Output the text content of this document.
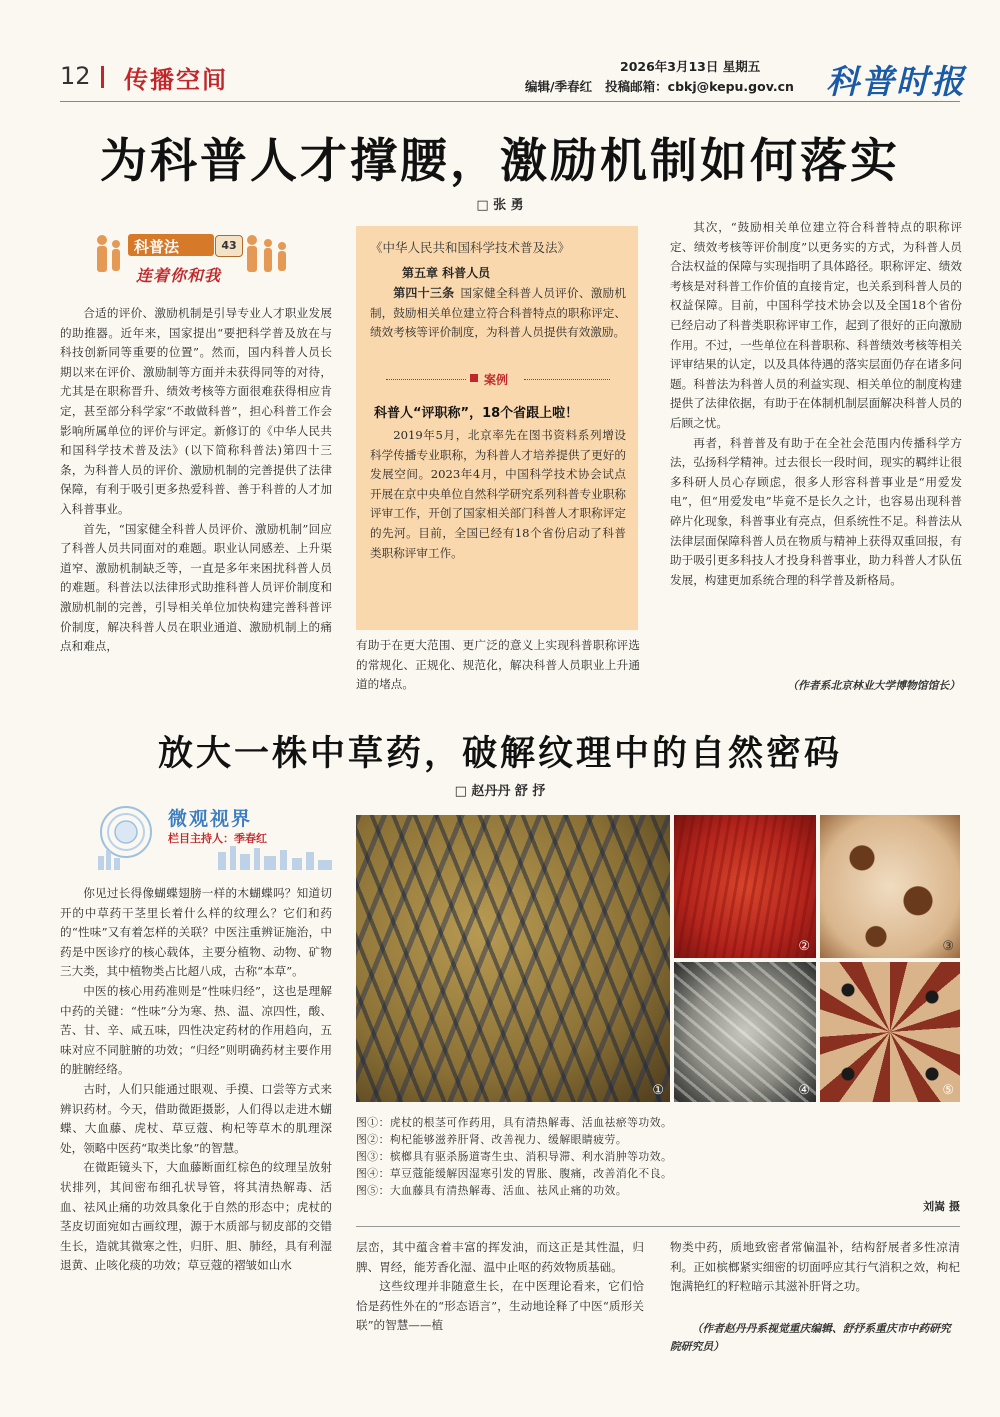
12 传播空间	2026年3月13日 星期五
编辑/季春红 投稿邮箱：cbkj@kepu.gov.cn 科普时报
为科普人才撑腰，激励机制如何落实
□ 张 勇
科普法	43
连着你和我

合适的评价、激励机制是引导专业人才职业发展的助推器。近年来，国家提出“要把科学普及放在与科技创新同等重要的位置”。然而，国内科普人员长期以来在评价、激励制等方面并未获得同等的对待，尤其是在职称晋升、绩效考核等方面很难获得相应肯定，甚至部分科学家“不敢做科普”，担心科普工作会影响所属单位的评价与评定。新修订的《中华人民共和国科学技术普及法》(以下简称科普法)第四十三条，为科普人员的评价、激励机制的完善提供了法律保障，有利于吸引更多热爱科普、善于科普的人才加入科普事业。

首先，“国家健全科普人员评价、激励机制”回应了科普人员共同面对的难题。职业认同感差、上升渠道窄、激励机制缺乏等，一直是多年来困扰科普人员的难题。科普法以法律形式助推科普人员评价制度和激励机制的完善，引导相关单位加快构建完善科普评价制度，解决科普人员在职业通道、激励机制上的痛点和难点，

《中华人民共和国科学技术普及法》
第五章 科普人员

第四十三条 国家健全科普人员评价、激励机制，鼓励相关单位建立符合科普特点的职称评定、绩效考核等评价制度，为科普人员提供有效激励。

案例
科普人“评职称”，18个省跟上啦！

2019年5月，北京率先在图书资料系列增设科学传播专业职称，为科普人才培养提供了更好的发展空间。2023年4月，中国科学技术协会试点开展在京中央单位自然科学研究系列科普专业职称评审工作，开创了国家相关部门科普人才职称评定的先河。目前，全国已经有18个省份启动了科普类职称评审工作。

有助于在更大范围、更广泛的意义上实现科普职称评选的常规化、正规化、规范化，解决科普人员职业上升通道的堵点。

其次，“鼓励相关单位建立符合科普特点的职称评定、绩效考核等评价制度”以更务实的方式，为科普人员合法权益的保障与实现指明了具体路径。职称评定、绩效考核是对科普工作价值的直接肯定，也关系到科普人员的权益保障。目前，中国科学技术协会以及全国18个省份已经启动了科普类职称评审工作，起到了很好的正向激励作用。不过，一些单位在科普职称、科普绩效考核等相关评审结果的认定，以及具体待遇的落实层面仍存在诸多问题。科普法为科普人员的利益实现、相关单位的制度构建提供了法律依据，有助于在体制机制层面解决科普人员的后顾之忧。

再者，科普普及有助于在全社会范围内传播科学方法，弘扬科学精神。过去很长一段时间，现实的羁绊让很多科研人员心存顾虑，很多人形容科普事业是“用爱发电”，但“用爱发电”毕竟不是长久之计，也容易出现科普碎片化现象，科普事业有亮点，但系统性不足。科普法从法律层面保障科普人员在物质与精神上获得双重回报，有助于吸引更多科技人才投身科普事业，助力科普人才队伍发展，构建更加系统合理的科学普及新格局。

（作者系北京林业大学博物馆馆长）
放大一株中草药，破解纹理中的自然密码
□ 赵丹丹 舒 抒
微观视界
栏目主持人：季春红

你见过长得像蝴蝶翅膀一样的木蝴蝶吗？知道切开的中草药干茎里长着什么样的纹理么？它们和药的“性味”又有着怎样的关联？中医注重辨证施治，中药是中医诊疗的核心载体，主要分植物、动物、矿物三大类，其中植物类占比超八成，古称“本草”。

中医的核心用药准则是“性味归经”，这也是理解中药的关键：“性味”分为寒、热、温、凉四性，酸、苦、甘、辛、咸五味，四性决定药材的作用趋向，五味对应不同脏腑的功效；“归经”则明确药材主要作用的脏腑经络。

古时，人们只能通过眼观、手摸、口尝等方式来辨识药材。今天，借助微距摄影，人们得以走进木蝴蝶、大血藤、虎杖、草豆蔻、枸杞等草木的肌理深处，领略中医药“取类比象”的智慧。

在微距镜头下，大血藤断面红棕色的纹理呈放射状排列，其间密布细孔状导管，将其清热解毒、活血、祛风止痛的功效具象化于自然的形态中；虎杖的茎皮切面宛如古画纹理，源于木质部与韧皮部的交错生长，造就其微寒之性，归肝、胆、肺经，具有利湿退黄、止咳化痰的功效；草豆蔻的褶皱如山水

①
②	③
④	⑤

图①：虎杖的根茎可作药用，具有清热解毒、活血祛瘀等功效。

图②：枸杞能够滋养肝肾、改善视力、缓解眼睛疲劳。

图③：槟榔具有驱杀肠道寄生虫、消积导滞、利水消肿等功效。

图④：草豆蔻能缓解因湿寒引发的胃胀、腹痛，改善消化不良。

图⑤：大血藤具有清热解毒、活血、祛风止痛的功效。

刘嵩 摄

层峦，其中蕴含着丰富的挥发油，而这正是其性温，归脾、胃经，能芳香化湿、温中止呕的药效物质基础。

这些纹理并非随意生长，在中医理论看来，它们恰恰是药性外在的“形态语言”，生动地诠释了中医“质形关联”的智慧——植

物类中药，质地致密者常偏温补，结构舒展者多性凉清利。正如槟榔紧实细密的切面呼应其行气消积之效，枸杞饱满艳红的籽粒暗示其滋补肝肾之功。

（作者赵丹丹系视觉重庆编辑、舒抒系重庆市中药研究院研究员）
